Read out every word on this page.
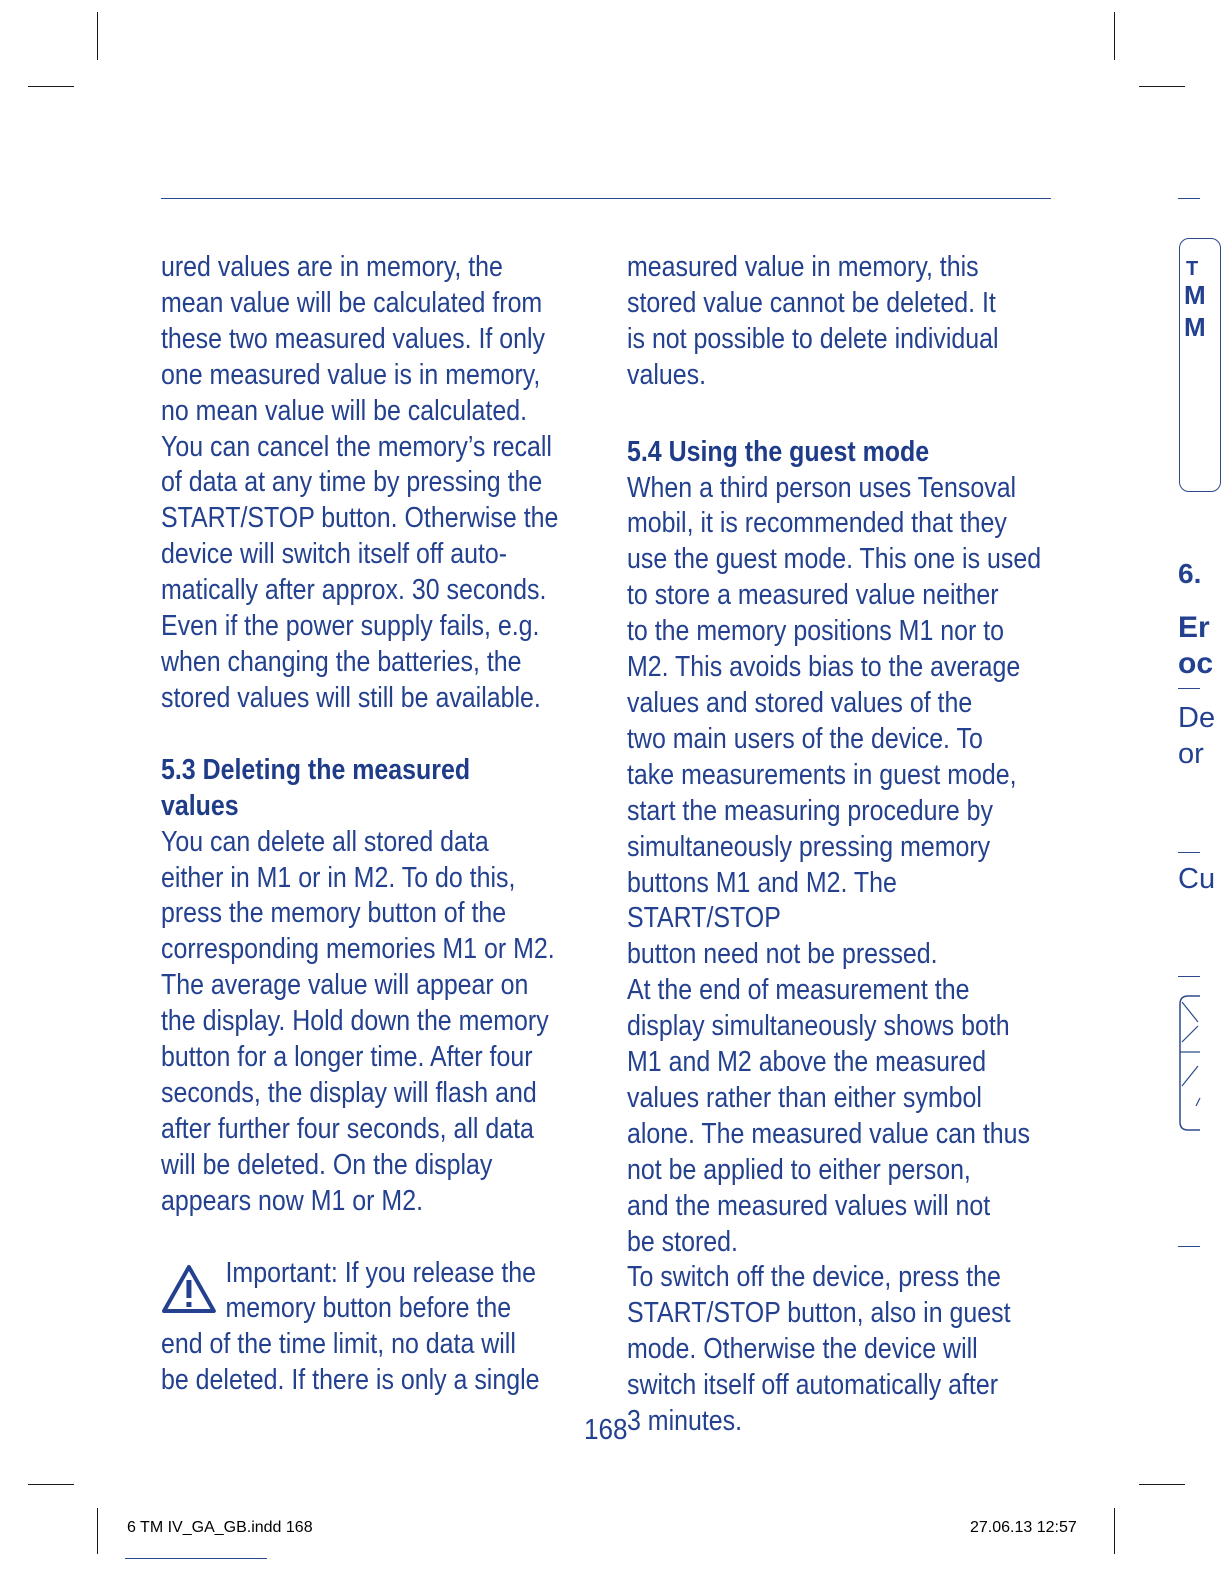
ured values are in memory, the
mean value will be calculated from
these two measured values. If only
one measured value is in memory,
no mean value will be calculated.
You can cancel the memory’s recall
of data at any time by pressing the
START/STOP button. Otherwise the
device will switch itself off auto-
matically after approx. 30 seconds.
Even if the power supply fails, e.g.
when changing the batteries, the
stored values will still be available.

5.3 Deleting the measured
values

You can delete all stored data
either in M1 or in M2. To do this,
press the memory button of the
corresponding memories M1 or M2.
The average value will appear on
the display. Hold down the memory
button for a longer time. After four
seconds, the display will flash and
after further four seconds, all data
will be deleted. On the display
appears now M1 or M2.

Important: If you release the
memory button before the
end of the time limit, no data will
be deleted. If there is only a single

measured value in memory, this
stored value cannot be deleted. It
is not possible to delete individual
values.

5.4 Using the guest mode

When a third person uses Tensoval
mobil, it is recommended that they
use the guest mode. This one is used
to store a measured value neither
to the memory positions M1 nor to
M2. This avoids bias to the average
values and stored values of the
two main users of the device. To
take measurements in guest mode,
start the measuring procedure by
simultaneously pressing memory
buttons M1 and M2. The START/STOP
button need not be pressed.
At the end of measurement the
display simultaneously shows both
M1 and M2 above the measured
values rather than either symbol
alone. The measured value can thus
not be applied to either person,
and the measured values will not
be stored.
To switch off the device, press the
START/STOP button, also in guest
mode. Otherwise the device will
switch itself off automatically after
3 minutes.

168
6 TM IV_GA_GB.indd 168	27.06.13 12:57
T
M
M
6.
Er
oc
De
or
Cu
